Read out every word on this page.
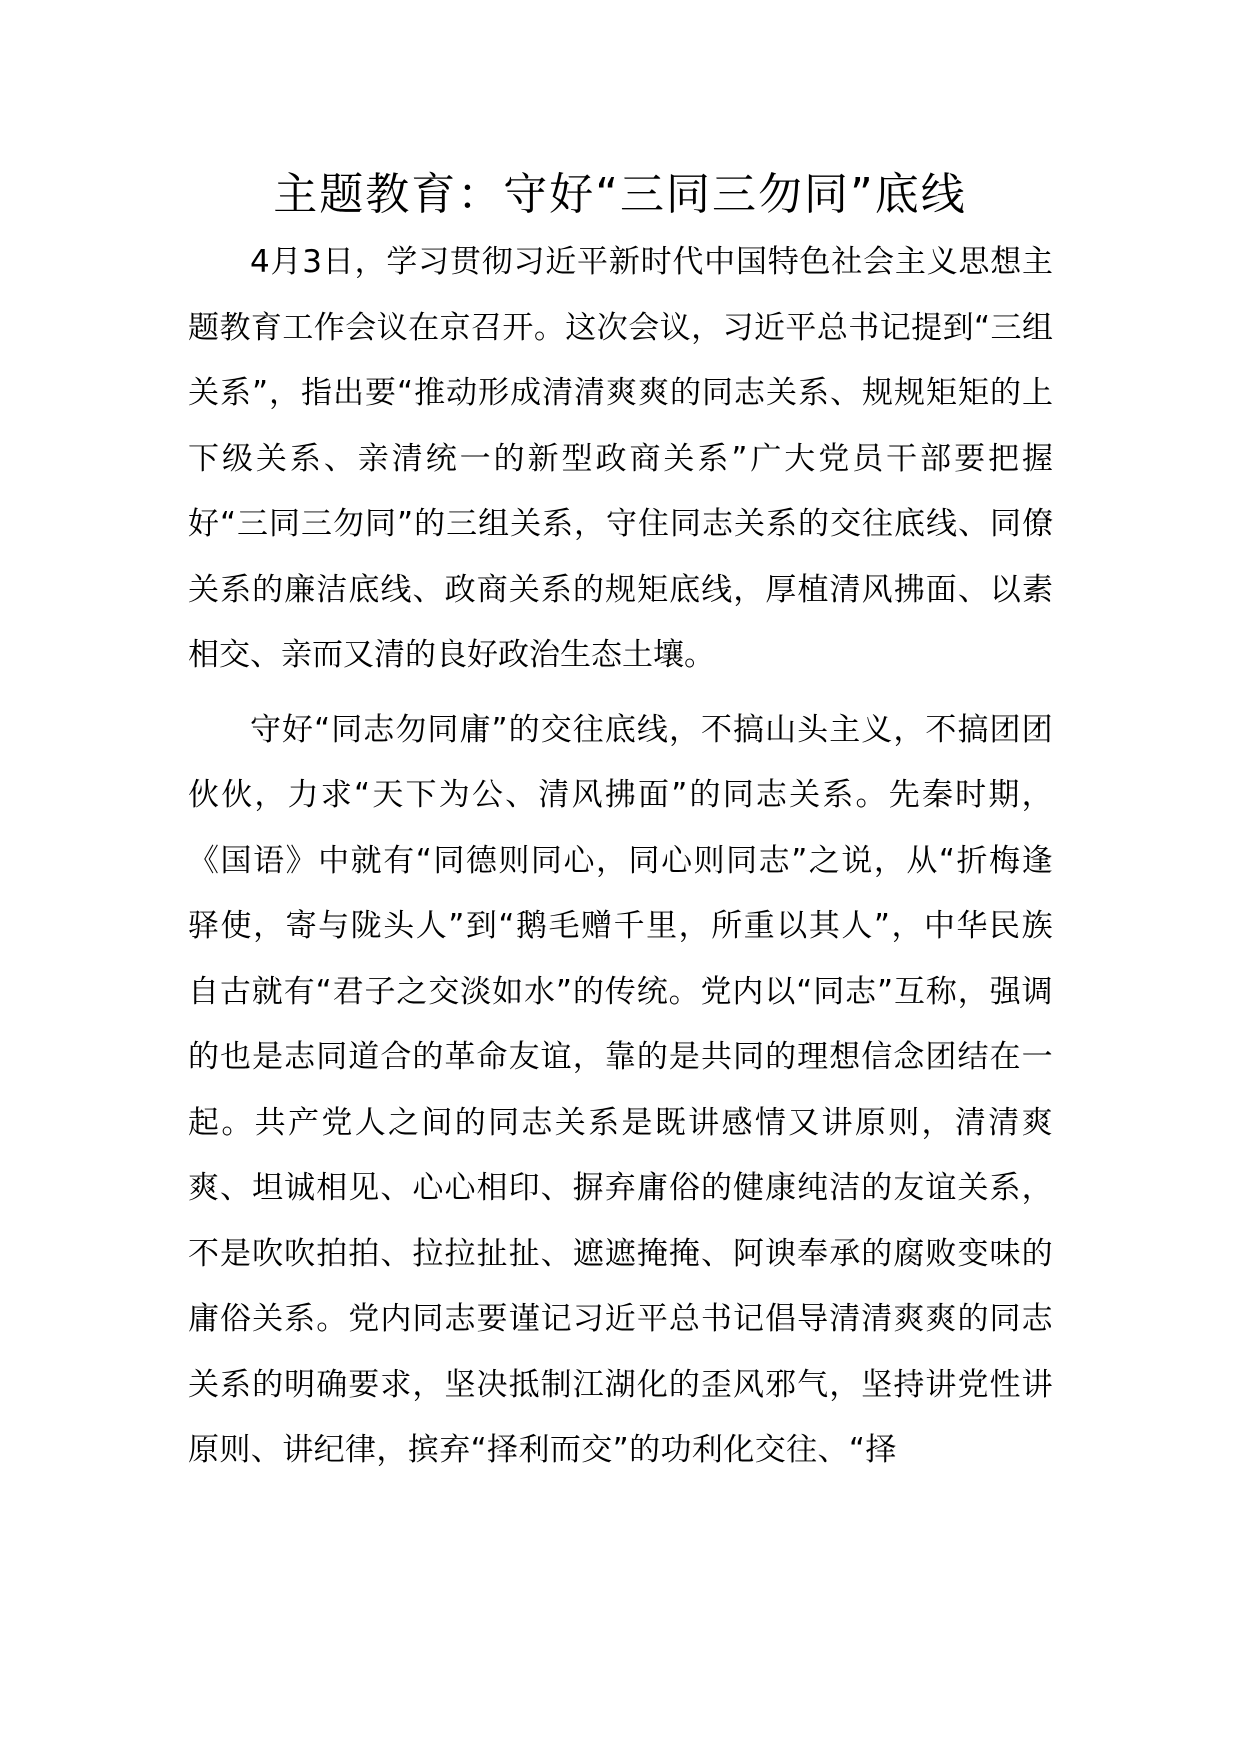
主题教育：守好“三同三勿同”底线

4月3日，学习贯彻习近平新时代中国特色社会主义思想主题教育工作会议在京召开。这次会议，习近平总书记提到“三组关系”，指出要“推动形成清清爽爽的同志关系、规规矩矩的上下级关系、亲清统一的新型政商关系”广大党员干部要把握好“三同三勿同”的三组关系，守住同志关系的交往底线、同僚关系的廉洁底线、政商关系的规矩底线，厚植清风拂面、以素相交、亲而又清的良好政治生态土壤。

守好“同志勿同庸”的交往底线，不搞山头主义，不搞团团伙伙，力求“天下为公、清风拂面”的同志关系。先秦时期，《国语》中就有“同德则同心，同心则同志”之说，从“折梅逢驿使，寄与陇头人”到“鹅毛赠千里，所重以其人”，中华民族自古就有“君子之交淡如水”的传统。党内以“同志”互称，强调的也是志同道合的革命友谊，靠的是共同的理想信念团结在一起。共产党人之间的同志关系是既讲感情又讲原则，清清爽爽、坦诚相见、心心相印、摒弃庸俗的健康纯洁的友谊关系，不是吹吹拍拍、拉拉扯扯、遮遮掩掩、阿谀奉承的腐败变味的庸俗关系。党内同志要谨记习近平总书记倡导清清爽爽的同志关系的明确要求，坚决抵制江湖化的歪风邪气，坚持讲党性讲原则、讲纪律，摈弃“择利而交”的功利化交往、“择
